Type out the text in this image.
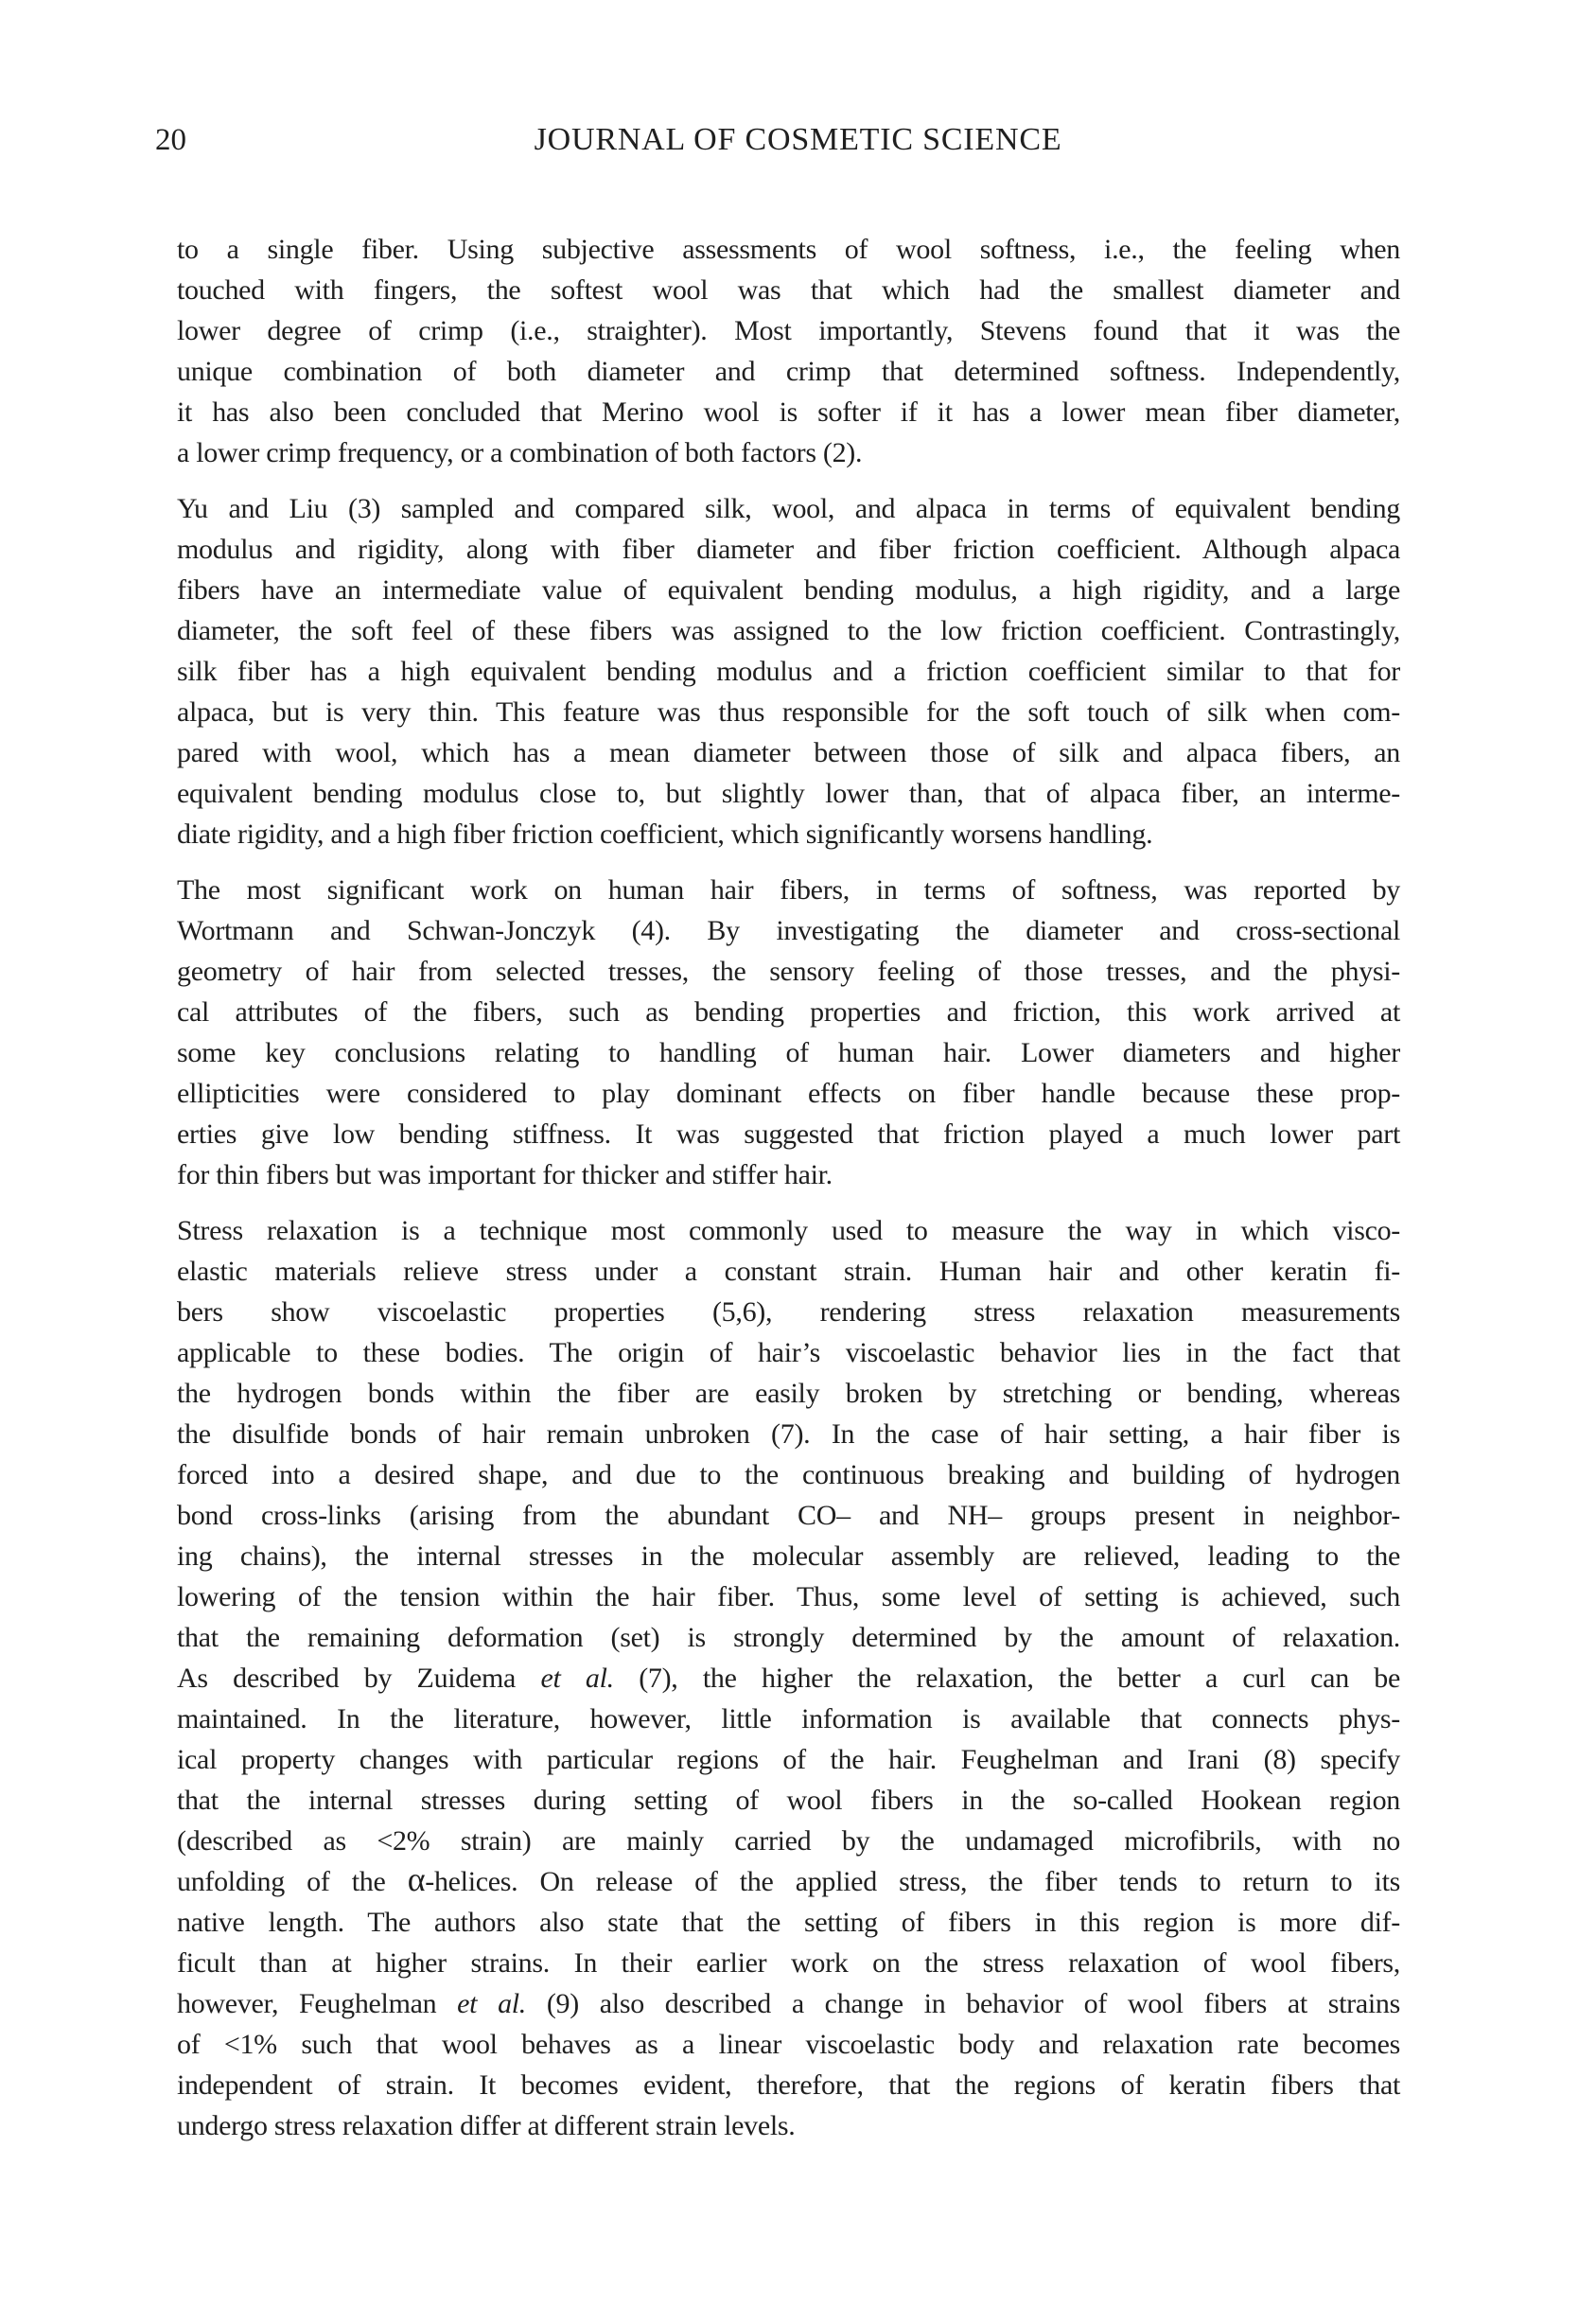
20	JOURNAL OF COSMETIC SCIENCE
to a single fiber. Using subjective assessments of wool softness, i.e., the feeling when
touched with fingers, the softest wool was that which had the smallest diameter and
lower degree of crimp (i.e., straighter). Most importantly, Stevens found that it was the
unique combination of both diameter and crimp that determined softness. Independently,
it has also been concluded that Merino wool is softer if it has a lower mean fiber diameter,
a lower crimp frequency, or a combination of both factors (2).
Yu and Liu (3) sampled and compared silk, wool, and alpaca in terms of equivalent bending
modulus and rigidity, along with fiber diameter and fiber friction coefficient. Although alpaca
fibers have an intermediate value of equivalent bending modulus, a high rigidity, and a large
diameter, the soft feel of these fibers was assigned to the low friction coefficient. Contrastingly,
silk fiber has a high equivalent bending modulus and a friction coefficient similar to that for
alpaca, but is very thin. This feature was thus responsible for the soft touch of silk when com-
pared with wool, which has a mean diameter between those of silk and alpaca fibers, an
equivalent bending modulus close to, but slightly lower than, that of alpaca fiber, an interme-
diate rigidity, and a high fiber friction coefficient, which significantly worsens handling.
The most significant work on human hair fibers, in terms of softness, was reported by
Wortmann and Schwan-Jonczyk (4). By investigating the diameter and cross-sectional
geometry of hair from selected tresses, the sensory feeling of those tresses, and the physi-
cal attributes of the fibers, such as bending properties and friction, this work arrived at
some key conclusions relating to handling of human hair. Lower diameters and higher
ellipticities were considered to play dominant effects on fiber handle because these prop-
erties give low bending stiffness. It was suggested that friction played a much lower part
for thin fibers but was important for thicker and stiffer hair.
Stress relaxation is a technique most commonly used to measure the way in which visco-
elastic materials relieve stress under a constant strain. Human hair and other keratin fi-
bers show viscoelastic properties (5,6), rendering stress relaxation measurements
applicable to these bodies. The origin of hair’s viscoelastic behavior lies in the fact that
the hydrogen bonds within the fiber are easily broken by stretching or bending, whereas
the disulfide bonds of hair remain unbroken (7). In the case of hair setting, a hair fiber is
forced into a desired shape, and due to the continuous breaking and building of hydrogen
bond cross-links (arising from the abundant CO– and NH– groups present in neighbor-
ing chains), the internal stresses in the molecular assembly are relieved, leading to the
lowering of the tension within the hair fiber. Thus, some level of setting is achieved, such
that the remaining deformation (set) is strongly determined by the amount of relaxation.
As described by Zuidema et al. (7), the higher the relaxation, the better a curl can be
maintained. In the literature, however, little information is available that connects phys-
ical property changes with particular regions of the hair. Feughelman and Irani (8) specify
that the internal stresses during setting of wool fibers in the so-called Hookean region
(described as <2% strain) are mainly carried by the undamaged microfibrils, with no
unfolding of the α-helices. On release of the applied stress, the fiber tends to return to its
native length. The authors also state that the setting of fibers in this region is more dif-
ficult than at higher strains. In their earlier work on the stress relaxation of wool fibers,
however, Feughelman et al. (9) also described a change in behavior of wool fibers at strains
of <1% such that wool behaves as a linear viscoelastic body and relaxation rate becomes
independent of strain. It becomes evident, therefore, that the regions of keratin fibers that
undergo stress relaxation differ at different strain levels.
